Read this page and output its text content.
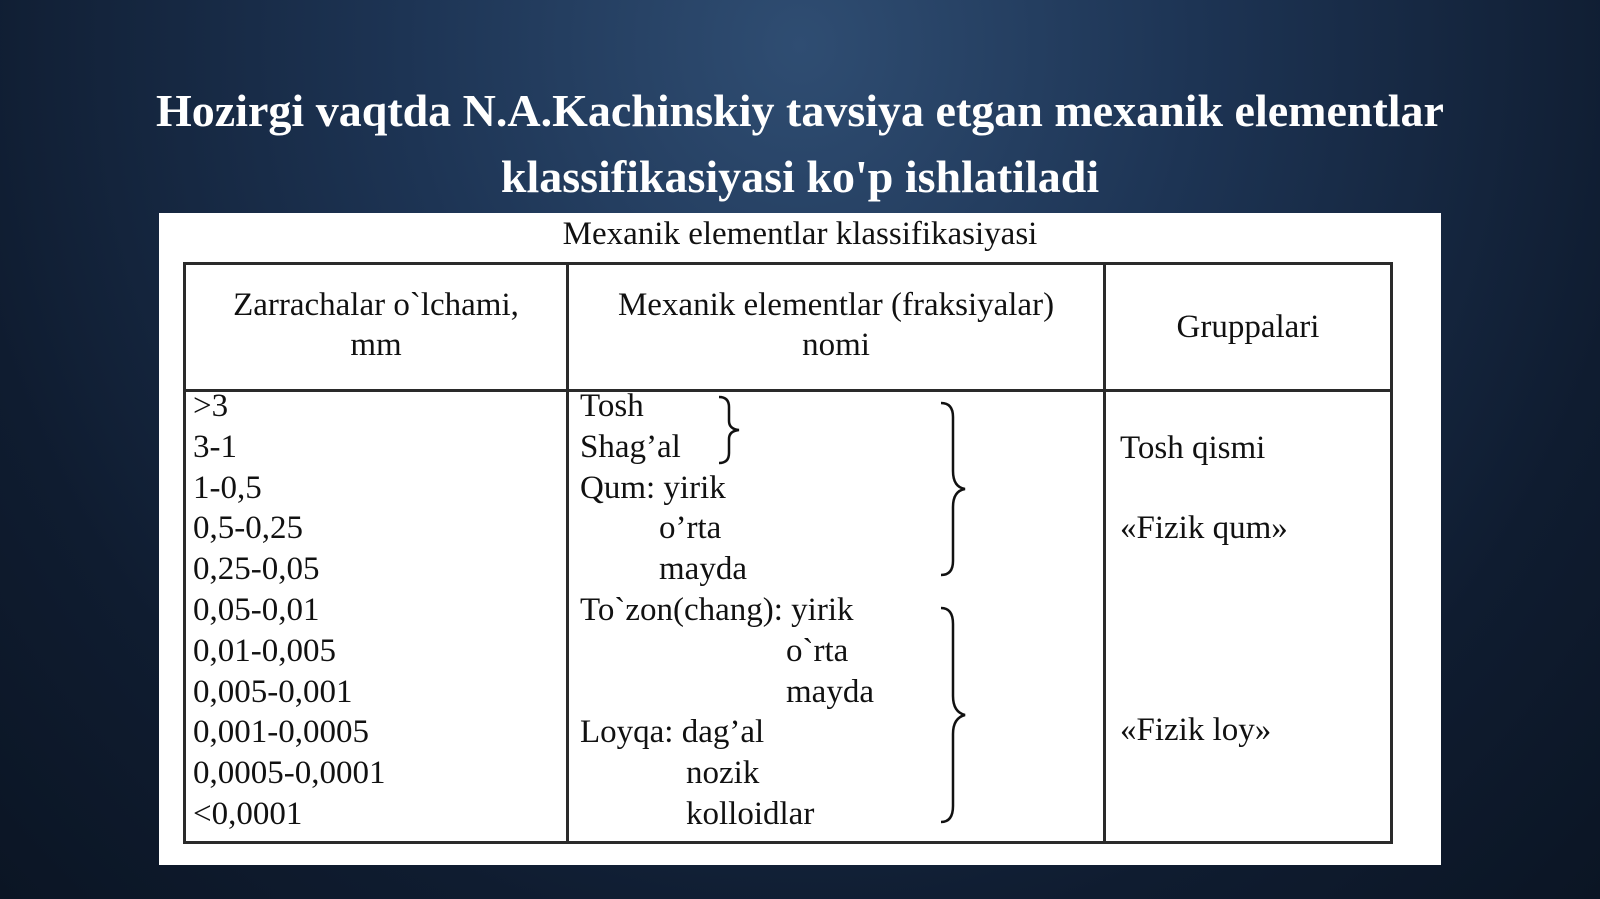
Hozirgi vaqtda N.A.Kachinskiy tavsiya etgan mexanik elementlar
klassifikasiyasi ko'p ishlatiladi
Mexanik elementlar klassifikasiyasi
Zarrachalar o`lchami,
mm
Mexanik elementlar (fraksiyalar)
nomi	Gruppalari
>3
3-1
1-0,5
0,5-0,25
0,25-0,05
0,05-0,01
0,01-0,005
0,005-0,001
0,001-0,0005
0,0005-0,0001
<0,0001
Tosh
Shag’al
Qum: yirik
o’rta
mayda
To`zon(chang): yirik
o`rta
mayda
Loyqa: dag’al
nozik
kolloidlar
Tosh qismi
«Fizik qum»
«Fizik loy»
